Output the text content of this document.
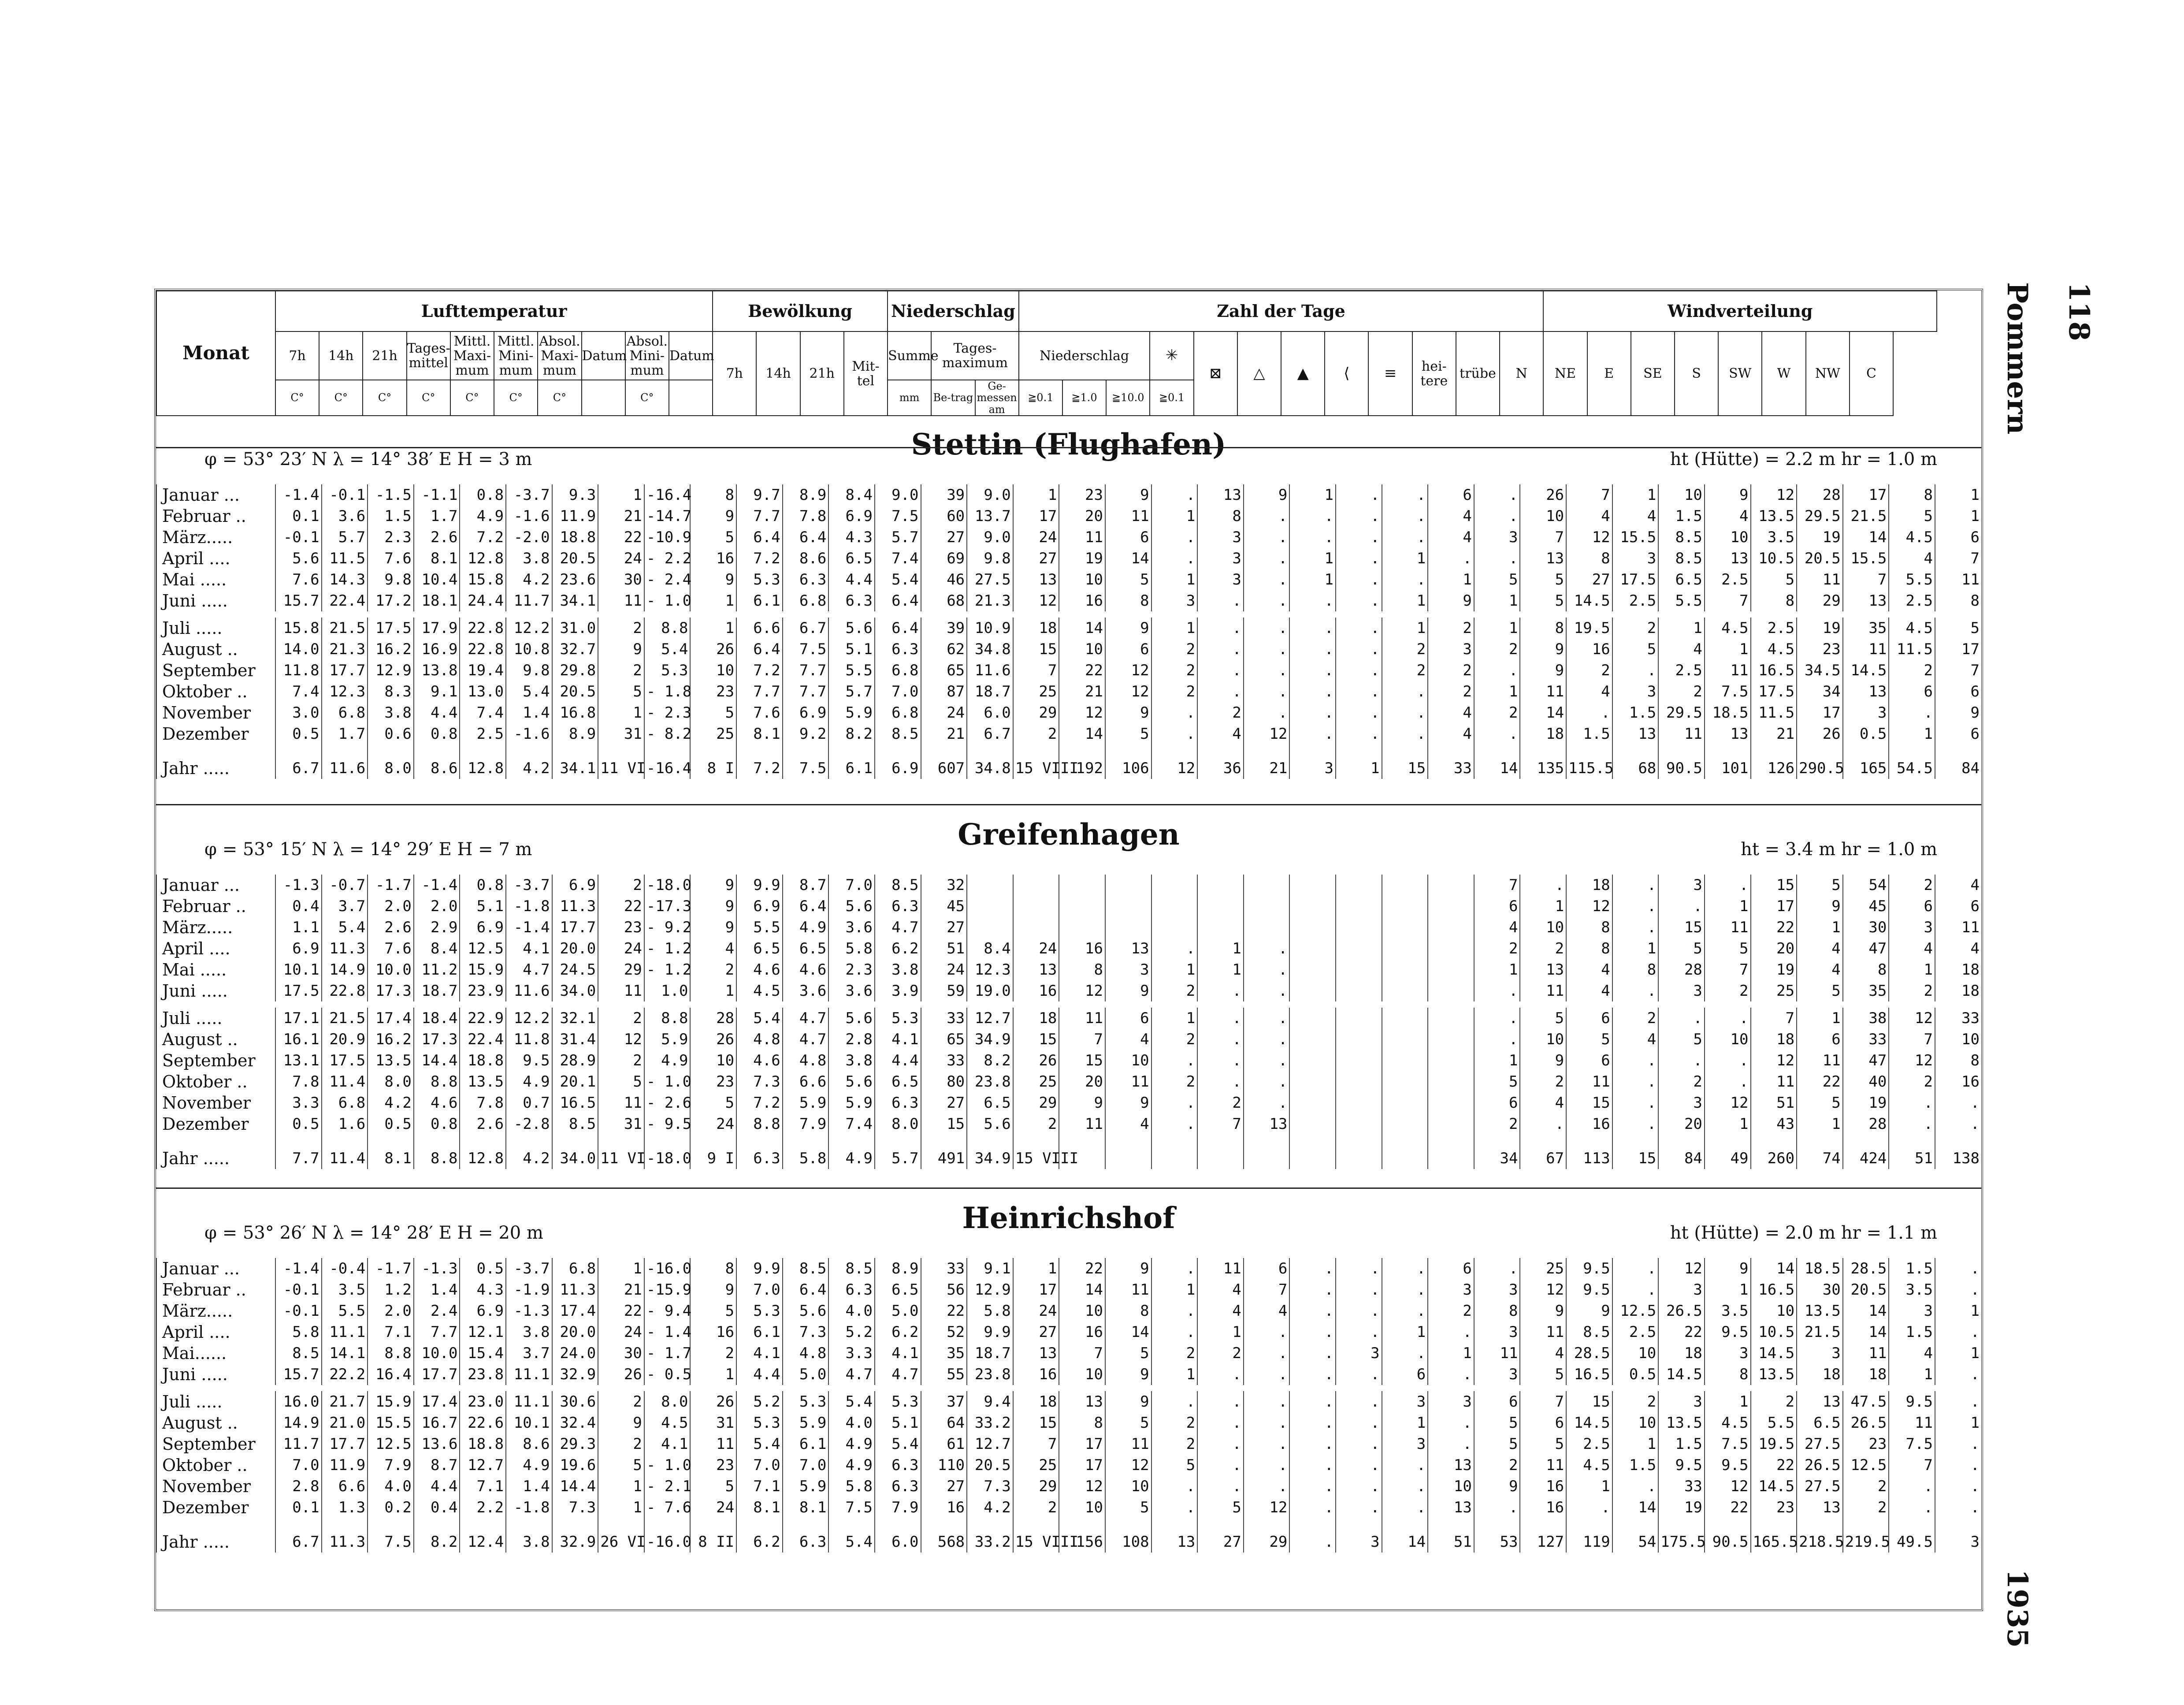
118
Pommern
1935
Monat	Lufttemperatur										Bewölkung				Niederschlag			Zahl der Tage												Windverteilung							
	7h	14h	21h	Tages-mittel	Mittl. Maxi-mum	Mittl. Mini-mum	Absol. Maxi-mum	Datum	Absol. Mini-mum	Datum	7h	14h	21h	Mit-tel	Summe	Tages-maximum		Niederschlag			✳	⊠	△	▲	⟨	≡	hei-tere	trübe	N	NE	E	SE	S	SW	W	NW	C
	C°	C°	C°	C°	C°	C°	C°		C°						mm	Be-trag	Ge-messen am	≧0.1	≧1.0	≧10.0	≧0.1																
Stettin (Flughafen)
φ = 53° 23′ N λ = 14° 38′ E H = 3 m	ht (Hütte) = 2.2 m hr = 1.0 m
Januar ...	-1.4	-0.1	-1.5	-1.1	0.8	-3.7	9.3	1	-16.4	8	9.7	8.9	8.4	9.0	39	9.0	1	23	9	.	13	9	1	.	.	6	.	26	7	1	10	9	12	28	17	8	1
Februar ..	0.1	3.6	1.5	1.7	4.9	-1.6	11.9	21	-14.7	9	7.7	7.8	6.9	7.5	60	13.7	17	20	11	1	8	.	.	.	.	4	.	10	4	4	1.5	4	13.5	29.5	21.5	5	1
März.....	-0.1	5.7	2.3	2.6	7.2	-2.0	18.8	22	-10.9	5	6.4	6.4	4.3	5.7	27	9.0	24	11	6	.	3	.	.	.	.	4	3	7	12	15.5	8.5	10	3.5	19	14	4.5	6
April ....	5.6	11.5	7.6	8.1	12.8	3.8	20.5	24	- 2.2	16	7.2	8.6	6.5	7.4	69	9.8	27	19	14	.	3	.	1	.	1	.	.	13	8	3	8.5	13	10.5	20.5	15.5	4	7
Mai .....	7.6	14.3	9.8	10.4	15.8	4.2	23.6	30	- 2.4	9	5.3	6.3	4.4	5.4	46	27.5	13	10	5	1	3	.	1	.	.	1	5	5	27	17.5	6.5	2.5	5	11	7	5.5	11
Juni .....	15.7	22.4	17.2	18.1	24.4	11.7	34.1	11	- 1.0	1	6.1	6.8	6.3	6.4	68	21.3	12	16	8	3	.	.	.	.	1	9	1	5	14.5	2.5	5.5	7	8	29	13	2.5	8

Juli .....	15.8	21.5	17.5	17.9	22.8	12.2	31.0	2	8.8	1	6.6	6.7	5.6	6.4	39	10.9	18	14	9	1	.	.	.	.	1	2	1	8	19.5	2	1	4.5	2.5	19	35	4.5	5
August ..	14.0	21.3	16.2	16.9	22.8	10.8	32.7	9	5.4	26	6.4	7.5	5.1	6.3	62	34.8	15	10	6	2	.	.	.	.	2	3	2	9	16	5	4	1	4.5	23	11	11.5	17
September	11.8	17.7	12.9	13.8	19.4	9.8	29.8	2	5.3	10	7.2	7.7	5.5	6.8	65	11.6	7	22	12	2	.	.	.	.	2	2	.	9	2	.	2.5	11	16.5	34.5	14.5	2	7
Oktober ..	7.4	12.3	8.3	9.1	13.0	5.4	20.5	5	- 1.8	23	7.7	7.7	5.7	7.0	87	18.7	25	21	12	2	.	.	.	.	.	2	1	11	4	3	2	7.5	17.5	34	13	6	6
November	3.0	6.8	3.8	4.4	7.4	1.4	16.8	1	- 2.3	5	7.6	6.9	5.9	6.8	24	6.0	29	12	9	.	2	.	.	.	.	4	2	14	.	1.5	29.5	18.5	11.5	17	3	.	9
Dezember	0.5	1.7	0.6	0.8	2.5	-1.6	8.9	31	- 8.2	25	8.1	9.2	8.2	8.5	21	6.7	2	14	5	.	4	12	.	.	.	4	.	18	1.5	13	11	13	21	26	0.5	1	6
Jahr .....	6.7	11.6	8.0	8.6	12.8	4.2	34.1	11 VI	-16.4	8 I	7.2	7.5	6.1	6.9	607	34.8	15 VIII	192	106	12	36	21	3	1	15	33	14	135	115.5	68	90.5	101	126	290.5	165	54.5	84
Greifenhagen
φ = 53° 15′ N λ = 14° 29′ E H = 7 m	ht = 3.4 m hr = 1.0 m
Januar ...	-1.3	-0.7	-1.7	-1.4	0.8	-3.7	6.9	2	-18.0	9	9.9	8.7	7.0	8.5	32												7	.	18	.	3	.	15	5	54	2	4
Februar ..	0.4	3.7	2.0	2.0	5.1	-1.8	11.3	22	-17.3	9	6.9	6.4	5.6	6.3	45												6	1	12	.	.	1	17	9	45	6	6
März.....	1.1	5.4	2.6	2.9	6.9	-1.4	17.7	23	- 9.2	9	5.5	4.9	3.6	4.7	27												4	10	8	.	15	11	22	1	30	3	11
April ....	6.9	11.3	7.6	8.4	12.5	4.1	20.0	24	- 1.2	4	6.5	6.5	5.8	6.2	51	8.4	24	16	13	.	1	.					2	2	8	1	5	5	20	4	47	4	4
Mai .....	10.1	14.9	10.0	11.2	15.9	4.7	24.5	29	- 1.2	2	4.6	4.6	2.3	3.8	24	12.3	13	8	3	1	1	.					1	13	4	8	28	7	19	4	8	1	18
Juni .....	17.5	22.8	17.3	18.7	23.9	11.6	34.0	11	1.0	1	4.5	3.6	3.6	3.9	59	19.0	16	12	9	2	.	.					.	11	4	.	3	2	25	5	35	2	18

Juli .....	17.1	21.5	17.4	18.4	22.9	12.2	32.1	2	8.8	28	5.4	4.7	5.6	5.3	33	12.7	18	11	6	1	.	.					.	5	6	2	.	.	7	1	38	12	33
August ..	16.1	20.9	16.2	17.3	22.4	11.8	31.4	12	5.9	26	4.8	4.7	2.8	4.1	65	34.9	15	7	4	2	.	.					.	10	5	4	5	10	18	6	33	7	10
September	13.1	17.5	13.5	14.4	18.8	9.5	28.9	2	4.9	10	4.6	4.8	3.8	4.4	33	8.2	26	15	10	.	.	.					1	9	6	.	.	.	12	11	47	12	8
Oktober ..	7.8	11.4	8.0	8.8	13.5	4.9	20.1	5	- 1.0	23	7.3	6.6	5.6	6.5	80	23.8	25	20	11	2	.	.					5	2	11	.	2	.	11	22	40	2	16
November	3.3	6.8	4.2	4.6	7.8	0.7	16.5	11	- 2.6	5	7.2	5.9	5.9	6.3	27	6.5	29	9	9	.	2	.					6	4	15	.	3	12	51	5	19	.	.
Dezember	0.5	1.6	0.5	0.8	2.6	-2.8	8.5	31	- 9.5	24	8.8	7.9	7.4	8.0	15	5.6	2	11	4	.	7	13					2	.	16	.	20	1	43	1	28	.	.
Jahr .....	7.7	11.4	8.1	8.8	12.8	4.2	34.0	11 VI	-18.0	9 I	6.3	5.8	4.9	5.7	491	34.9	15 VIII										34	67	113	15	84	49	260	74	424	51	138
Heinrichshof
φ = 53° 26′ N λ = 14° 28′ E H = 20 m	ht (Hütte) = 2.0 m hr = 1.1 m
Januar ...	-1.4	-0.4	-1.7	-1.3	0.5	-3.7	6.8	1	-16.0	8	9.9	8.5	8.5	8.9	33	9.1	1	22	9	.	11	6	.	.	.	6	.	25	9.5	.	12	9	14	18.5	28.5	1.5	.
Februar ..	-0.1	3.5	1.2	1.4	4.3	-1.9	11.3	21	-15.9	9	7.0	6.4	6.3	6.5	56	12.9	17	14	11	1	4	7	.	.	.	3	3	12	9.5	.	3	1	16.5	30	20.5	3.5	.
März.....	-0.1	5.5	2.0	2.4	6.9	-1.3	17.4	22	- 9.4	5	5.3	5.6	4.0	5.0	22	5.8	24	10	8	.	4	4	.	.	.	2	8	9	9	12.5	26.5	3.5	10	13.5	14	3	1
April ....	5.8	11.1	7.1	7.7	12.1	3.8	20.0	24	- 1.4	16	6.1	7.3	5.2	6.2	52	9.9	27	16	14	.	1	.	.	.	1	.	3	11	8.5	2.5	22	9.5	10.5	21.5	14	1.5	.
Mai......	8.5	14.1	8.8	10.0	15.4	3.7	24.0	30	- 1.7	2	4.1	4.8	3.3	4.1	35	18.7	13	7	5	2	2	.	.	3	.	1	11	4	28.5	10	18	3	14.5	3	11	4	1
Juni .....	15.7	22.2	16.4	17.7	23.8	11.1	32.9	26	- 0.5	1	4.4	5.0	4.7	4.7	55	23.8	16	10	9	1	.	.	.	.	6	.	3	5	16.5	0.5	14.5	8	13.5	18	18	1	.

Juli .....	16.0	21.7	15.9	17.4	23.0	11.1	30.6	2	8.0	26	5.2	5.3	5.4	5.3	37	9.4	18	13	9	.	.	.	.	.	3	3	6	7	15	2	3	1	2	13	47.5	9.5	.
August ..	14.9	21.0	15.5	16.7	22.6	10.1	32.4	9	4.5	31	5.3	5.9	4.0	5.1	64	33.2	15	8	5	2	.	.	.	.	1	.	5	6	14.5	10	13.5	4.5	5.5	6.5	26.5	11	1
September	11.7	17.7	12.5	13.6	18.8	8.6	29.3	2	4.1	11	5.4	6.1	4.9	5.4	61	12.7	7	17	11	2	.	.	.	.	3	.	5	5	2.5	1	1.5	7.5	19.5	27.5	23	7.5	.
Oktober ..	7.0	11.9	7.9	8.7	12.7	4.9	19.6	5	- 1.0	23	7.0	7.0	4.9	6.3	110	20.5	25	17	12	5	.	.	.	.	.	13	2	11	4.5	1.5	9.5	9.5	22	26.5	12.5	7	.
November	2.8	6.6	4.0	4.4	7.1	1.4	14.4	1	- 2.1	5	7.1	5.9	5.8	6.3	27	7.3	29	12	10	.	.	.	.	.	.	10	9	16	1	.	33	12	14.5	27.5	2	.	.
Dezember	0.1	1.3	0.2	0.4	2.2	-1.8	7.3	1	- 7.6	24	8.1	8.1	7.5	7.9	16	4.2	2	10	5	.	5	12	.	.	.	13	.	16	.	14	19	22	23	13	2	.	.
Jahr .....	6.7	11.3	7.5	8.2	12.4	3.8	32.9	26 VI	-16.0	8 II	6.2	6.3	5.4	6.0	568	33.2	15 VIII	156	108	13	27	29	.	3	14	51	53	127	119	54	175.5	90.5	165.5	218.5	219.5	49.5	3
